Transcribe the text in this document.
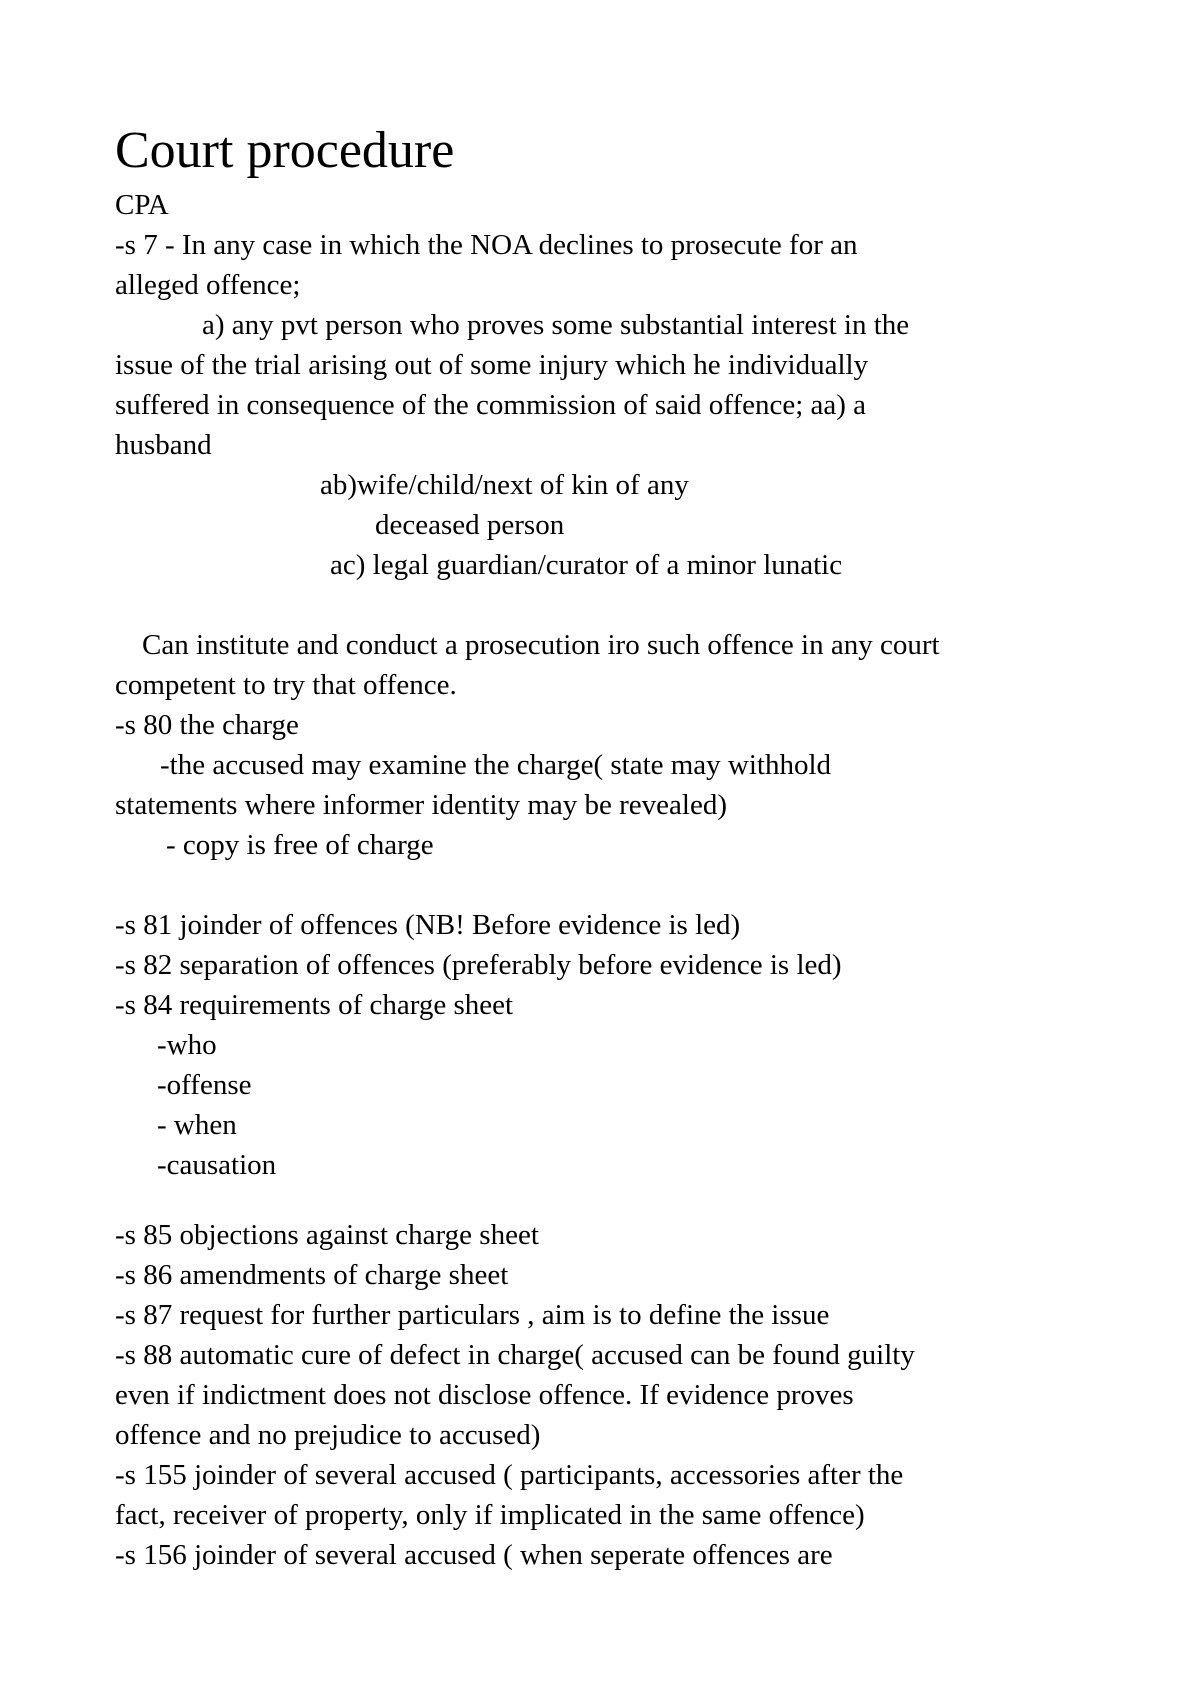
Court procedure
CPA
-s 7 - In any case in which the NOA declines to prosecute for an
alleged offence;
a) any pvt person who proves some substantial interest in the
issue of the trial arising out of some injury which he individually
suffered in consequence of the commission of said offence; aa) a
husband
ab)wife/child/next of kin of any
deceased person
ac) legal guardian/curator of a minor lunatic
Can institute and conduct a prosecution iro such offence in any court
competent to try that offence.
-s 80 the charge
-the accused may examine the charge( state may withhold
statements where informer identity may be revealed)
- copy is free of charge
-s 81 joinder of offences (NB! Before evidence is led)
-s 82 separation of offences (preferably before evidence is led)
-s 84 requirements of charge sheet
-who
-offense
- when
-causation
-s 85 objections against charge sheet
-s 86 amendments of charge sheet
-s 87 request for further particulars , aim is to define the issue
-s 88 automatic cure of defect in charge( accused can be found guilty
even if indictment does not disclose offence. If evidence proves
offence and no prejudice to accused)
-s 155 joinder of several accused ( participants, accessories after the
fact, receiver of property, only if implicated in the same offence)
-s 156 joinder of several accused ( when seperate offences are
